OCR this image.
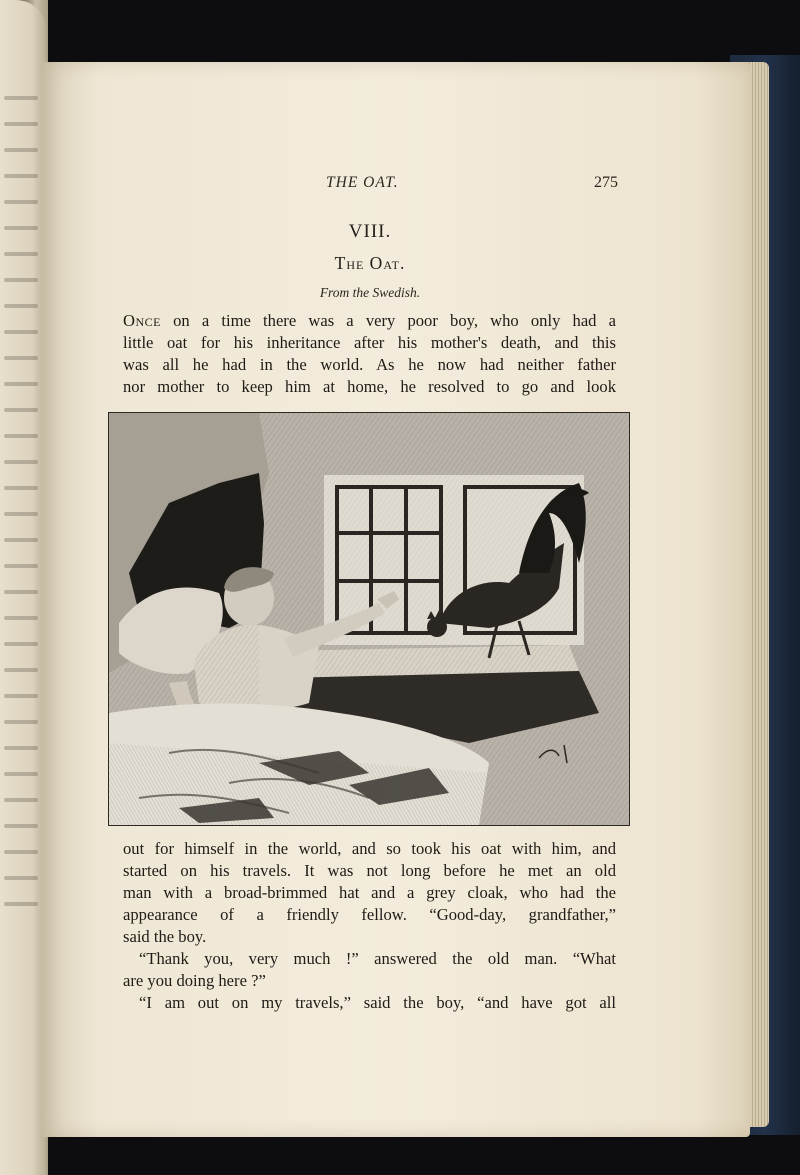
THE OAT.	275
VIII.
The Oat.
From the Swedish.
Once on a time there was a very poor boy, who only had a
little oat for his inheritance after his mother's death, and this
was all he had in the world. As he now had neither father
nor mother to keep him at home, he resolved to go and look
out for himself in the world, and so took his oat with him, and
started on his travels. It was not long before he met an old
man with a broad-brimmed hat and a grey cloak, who had the
appearance of a friendly fellow. “Good-day, grandfather,”
said the boy.
“Thank you, very much !” answered the old man. “What
are you doing here ?”
“I am out on my travels,” said the boy, “and have got all
